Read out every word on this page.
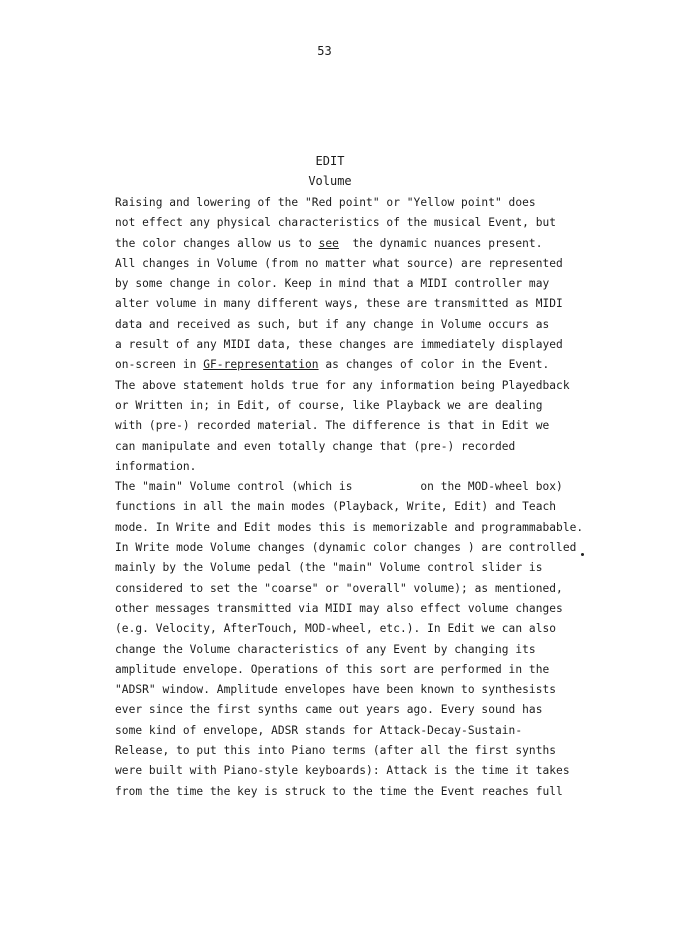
53
EDIT
Volume
Raising and lowering of the "Red point" or "Yellow point" does
not effect any physical characteristics of the musical Event, but
the color changes allow us to see  the dynamic nuances present.
All changes in Volume (from no matter what source) are represented
by some change in color. Keep in mind that a MIDI controller may
alter volume in many different ways, these are transmitted as MIDI
data and received as such, but if any change in Volume occurs as
a result of any MIDI data, these changes are immediately displayed
on-screen in GF-representation as changes of color in the Event.
The above statement holds true for any information being Playedback
or Written in; in Edit, of course, like Playback we are dealing
with (pre-) recorded material. The difference is that in Edit we
can manipulate and even totally change that (pre-) recorded
information.
The "main" Volume control (which is          on the MOD-wheel box)
functions in all the main modes (Playback, Write, Edit) and Teach
mode. In Write and Edit modes this is memorizable and programmabable.
In Write mode Volume changes (dynamic color changes ) are controlled
mainly by the Volume pedal (the "main" Volume control slider is
considered to set the "coarse" or "overall" volume); as mentioned,
other messages transmitted via MIDI may also effect volume changes
(e.g. Velocity, AfterTouch, MOD-wheel, etc.). In Edit we can also
change the Volume characteristics of any Event by changing its
amplitude envelope. Operations of this sort are performed in the
"ADSR" window. Amplitude envelopes have been known to synthesists
ever since the first synths came out years ago. Every sound has
some kind of envelope, ADSR stands for Attack-Decay-Sustain-
Release, to put this into Piano terms (after all the first synths
were built with Piano-style keyboards): Attack is the time it takes
from the time the key is struck to the time the Event reaches full
